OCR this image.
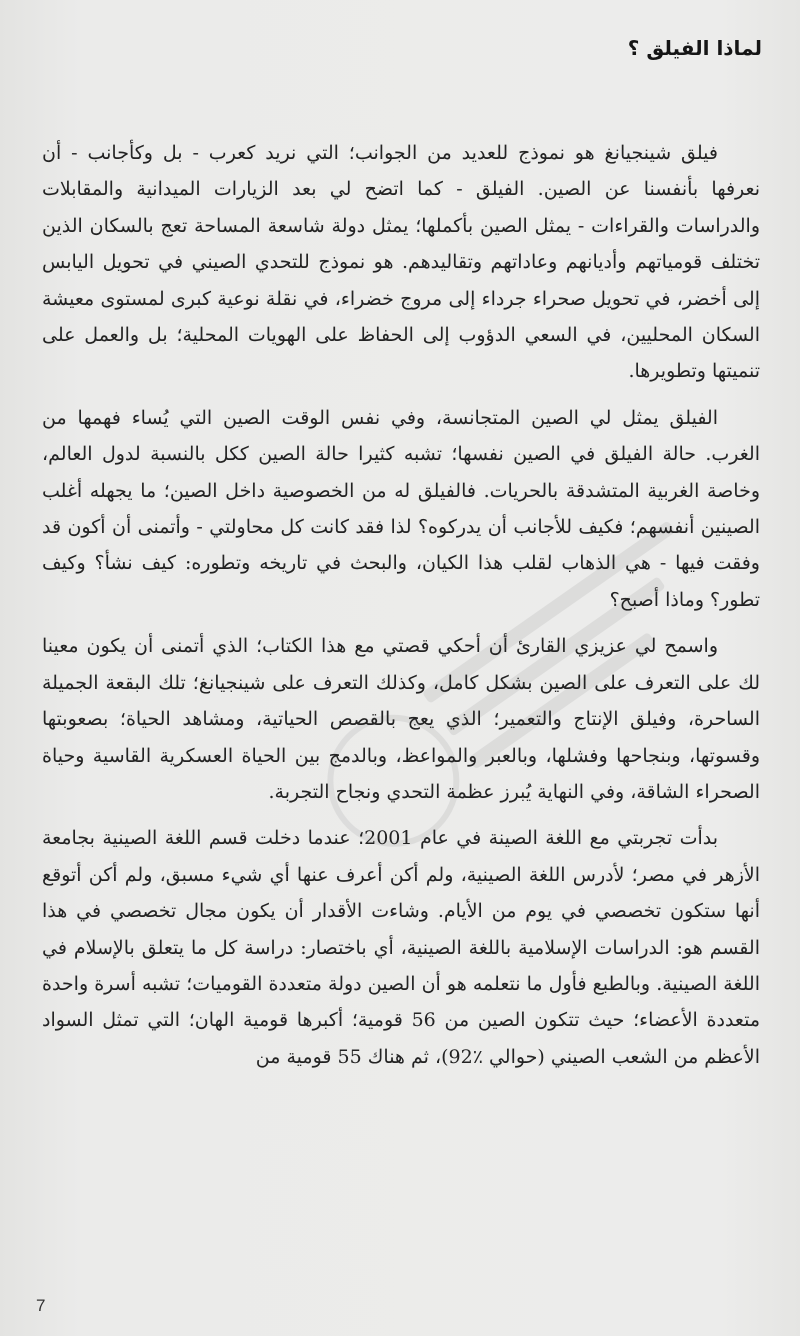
لماذا الفيلق ؟

فيلق شينجيانغ هو نموذج للعديد من الجوانب؛ التي نريد كعرب - بل وكأجانب - أن نعرفها بأنفسنا عن الصين. الفيلق - كما اتضح لي بعد الزيارات الميدانية والمقابلات والدراسات والقراءات - يمثل الصين بأكملها؛ يمثل دولة شاسعة المساحة تعج بالسكان الذين تختلف قومياتهم وأديانهم وعاداتهم وتقاليدهم. هو نموذج للتحدي الصيني في تحويل اليابس إلى أخضر، في تحويل صحراء جرداء إلى مروج خضراء، في نقلة نوعية كبرى لمستوى معيشة السكان المحليين، في السعي الدؤوب إلى الحفاظ على الهويات المحلية؛ بل والعمل على تنميتها وتطويرها.

الفيلق يمثل لي الصين المتجانسة، وفي نفس الوقت الصين التي يُساء فهمها من الغرب. حالة الفيلق في الصين نفسها؛ تشبه كثيرا حالة الصين ككل بالنسبة لدول العالم، وخاصة الغربية المتشدقة بالحريات. فالفيلق له من الخصوصية داخل الصين؛ ما يجهله أغلب الصينين أنفسهم؛ فكيف للأجانب أن يدركوه؟ لذا فقد كانت كل محاولتي - وأتمنى أن أكون قد وفقت فيها - هي الذهاب لقلب هذا الكيان، والبحث في تاريخه وتطوره: كيف نشأ؟ وكيف تطور؟ وماذا أصبح؟

واسمح لي عزيزي القارئ أن أحكي قصتي مع هذا الكتاب؛ الذي أتمنى أن يكون معينا لك على التعرف على الصين بشكل كامل، وكذلك التعرف على شينجيانغ؛ تلك البقعة الجميلة الساحرة، وفيلق الإنتاج والتعمير؛ الذي يعج بالقصص الحياتية، ومشاهد الحياة؛ بصعوبتها وقسوتها، وبنجاحها وفشلها، وبالعبر والمواعظ، وبالدمج بين الحياة العسكرية القاسية وحياة الصحراء الشاقة، وفي النهاية يُبرز عظمة التحدي ونجاح التجربة.

بدأت تجربتي مع اللغة الصينة في عام 2001؛ عندما دخلت قسم اللغة الصينية بجامعة الأزهر في مصر؛ لأدرس اللغة الصينية، ولم أكن أعرف عنها أي شيء مسبق، ولم أكن أتوقع أنها ستكون تخصصي في يوم من الأيام. وشاءت الأقدار أن يكون مجال تخصصي في هذا القسم هو: الدراسات الإسلامية باللغة الصينية، أي باختصار: دراسة كل ما يتعلق بالإسلام في اللغة الصينية. وبالطبع فأول ما نتعلمه هو أن الصين دولة متعددة القوميات؛ تشبه أسرة واحدة متعددة الأعضاء؛ حيث تتكون الصين من 56 قومية؛ أكبرها قومية الهان؛ التي تمثل السواد الأعظم من الشعب الصيني (حوالي ٪92)، ثم هناك 55 قومية من

7
